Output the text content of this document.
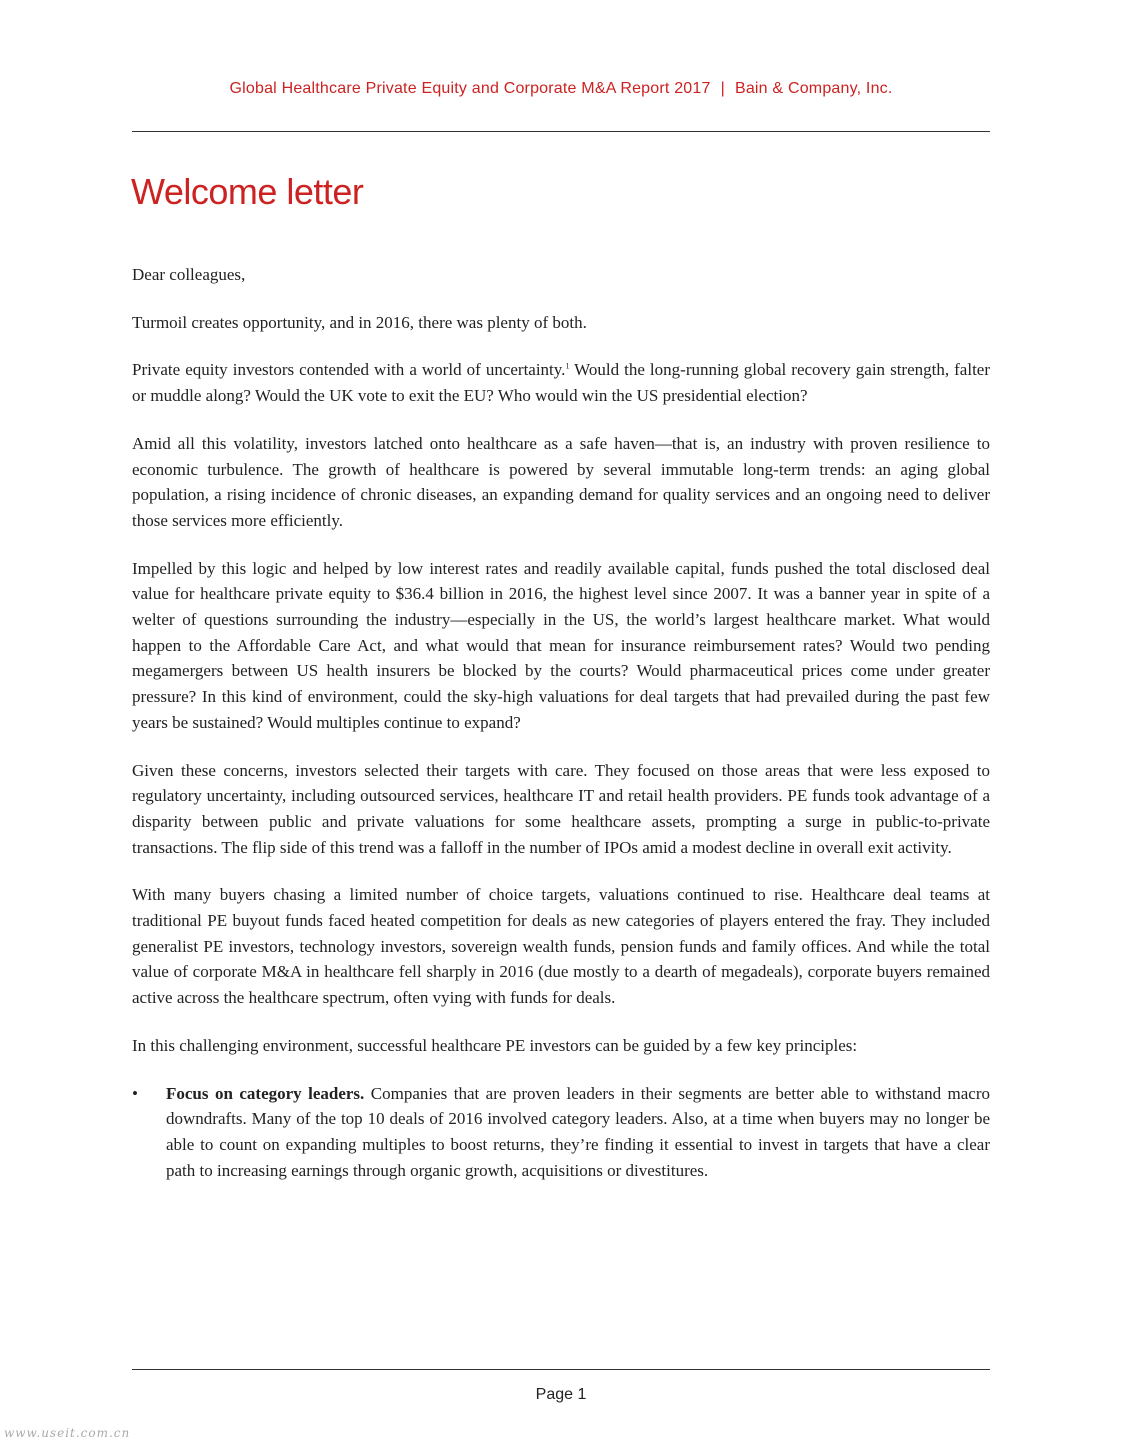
Global Healthcare Private Equity and Corporate M&A Report 2017 | Bain & Company, Inc.
Welcome letter

Dear colleagues,

Turmoil creates opportunity, and in 2016, there was plenty of both.

Private equity investors contended with a world of uncertainty.$^1$ Would the long-running global recovery gain strength, falter or muddle along? Would the UK vote to exit the EU? Who would win the US presidential election?

Amid all this volatility, investors latched onto healthcare as a safe haven—that is, an industry with proven resilience to economic turbulence. The growth of healthcare is powered by several immutable long-term trends: an aging global population, a rising incidence of chronic diseases, an expanding demand for quality services and an ongoing need to deliver those services more efficiently.

Impelled by this logic and helped by low interest rates and readily available capital, funds pushed the total disclosed deal value for healthcare private equity to $36.4 billion in 2016, the highest level since 2007. It was a banner year in spite of a welter of questions surrounding the industry—especially in the US, the world’s largest healthcare market. What would happen to the Affordable Care Act, and what would that mean for insurance reimbursement rates? Would two pending megamergers between US health insurers be blocked by the courts? Would pharmaceutical prices come under greater pressure? In this kind of environment, could the sky-high valuations for deal targets that had prevailed during the past few years be sustained? Would multiples continue to expand?

Given these concerns, investors selected their targets with care. They focused on those areas that were less exposed to regulatory uncertainty, including outsourced services, healthcare IT and retail health providers. PE funds took advantage of a disparity between public and private valuations for some healthcare assets, prompting a surge in public-to-private transactions. The flip side of this trend was a falloff in the number of IPOs amid a modest decline in overall exit activity.

With many buyers chasing a limited number of choice targets, valuations continued to rise. Healthcare deal teams at traditional PE buyout funds faced heated competition for deals as new categories of players entered the fray. They included generalist PE investors, technology investors, sovereign wealth funds, pension funds and family offices. And while the total value of corporate M&A in healthcare fell sharply in 2016 (due mostly to a dearth of megadeals), corporate buyers remained active across the healthcare spectrum, often vying with funds for deals.

In this challenging environment, successful healthcare PE investors can be guided by a few key principles:

• Focus on category leaders. Companies that are proven leaders in their segments are better able to withstand macro downdrafts. Many of the top 10 deals of 2016 involved category leaders. Also, at a time when buyers may no longer be able to count on expanding multiples to boost returns, they’re finding it essential to invest in targets that have a clear path to increasing earnings through organic growth, acquisitions or divestitures.
Page 1
www.useit.com.cn
